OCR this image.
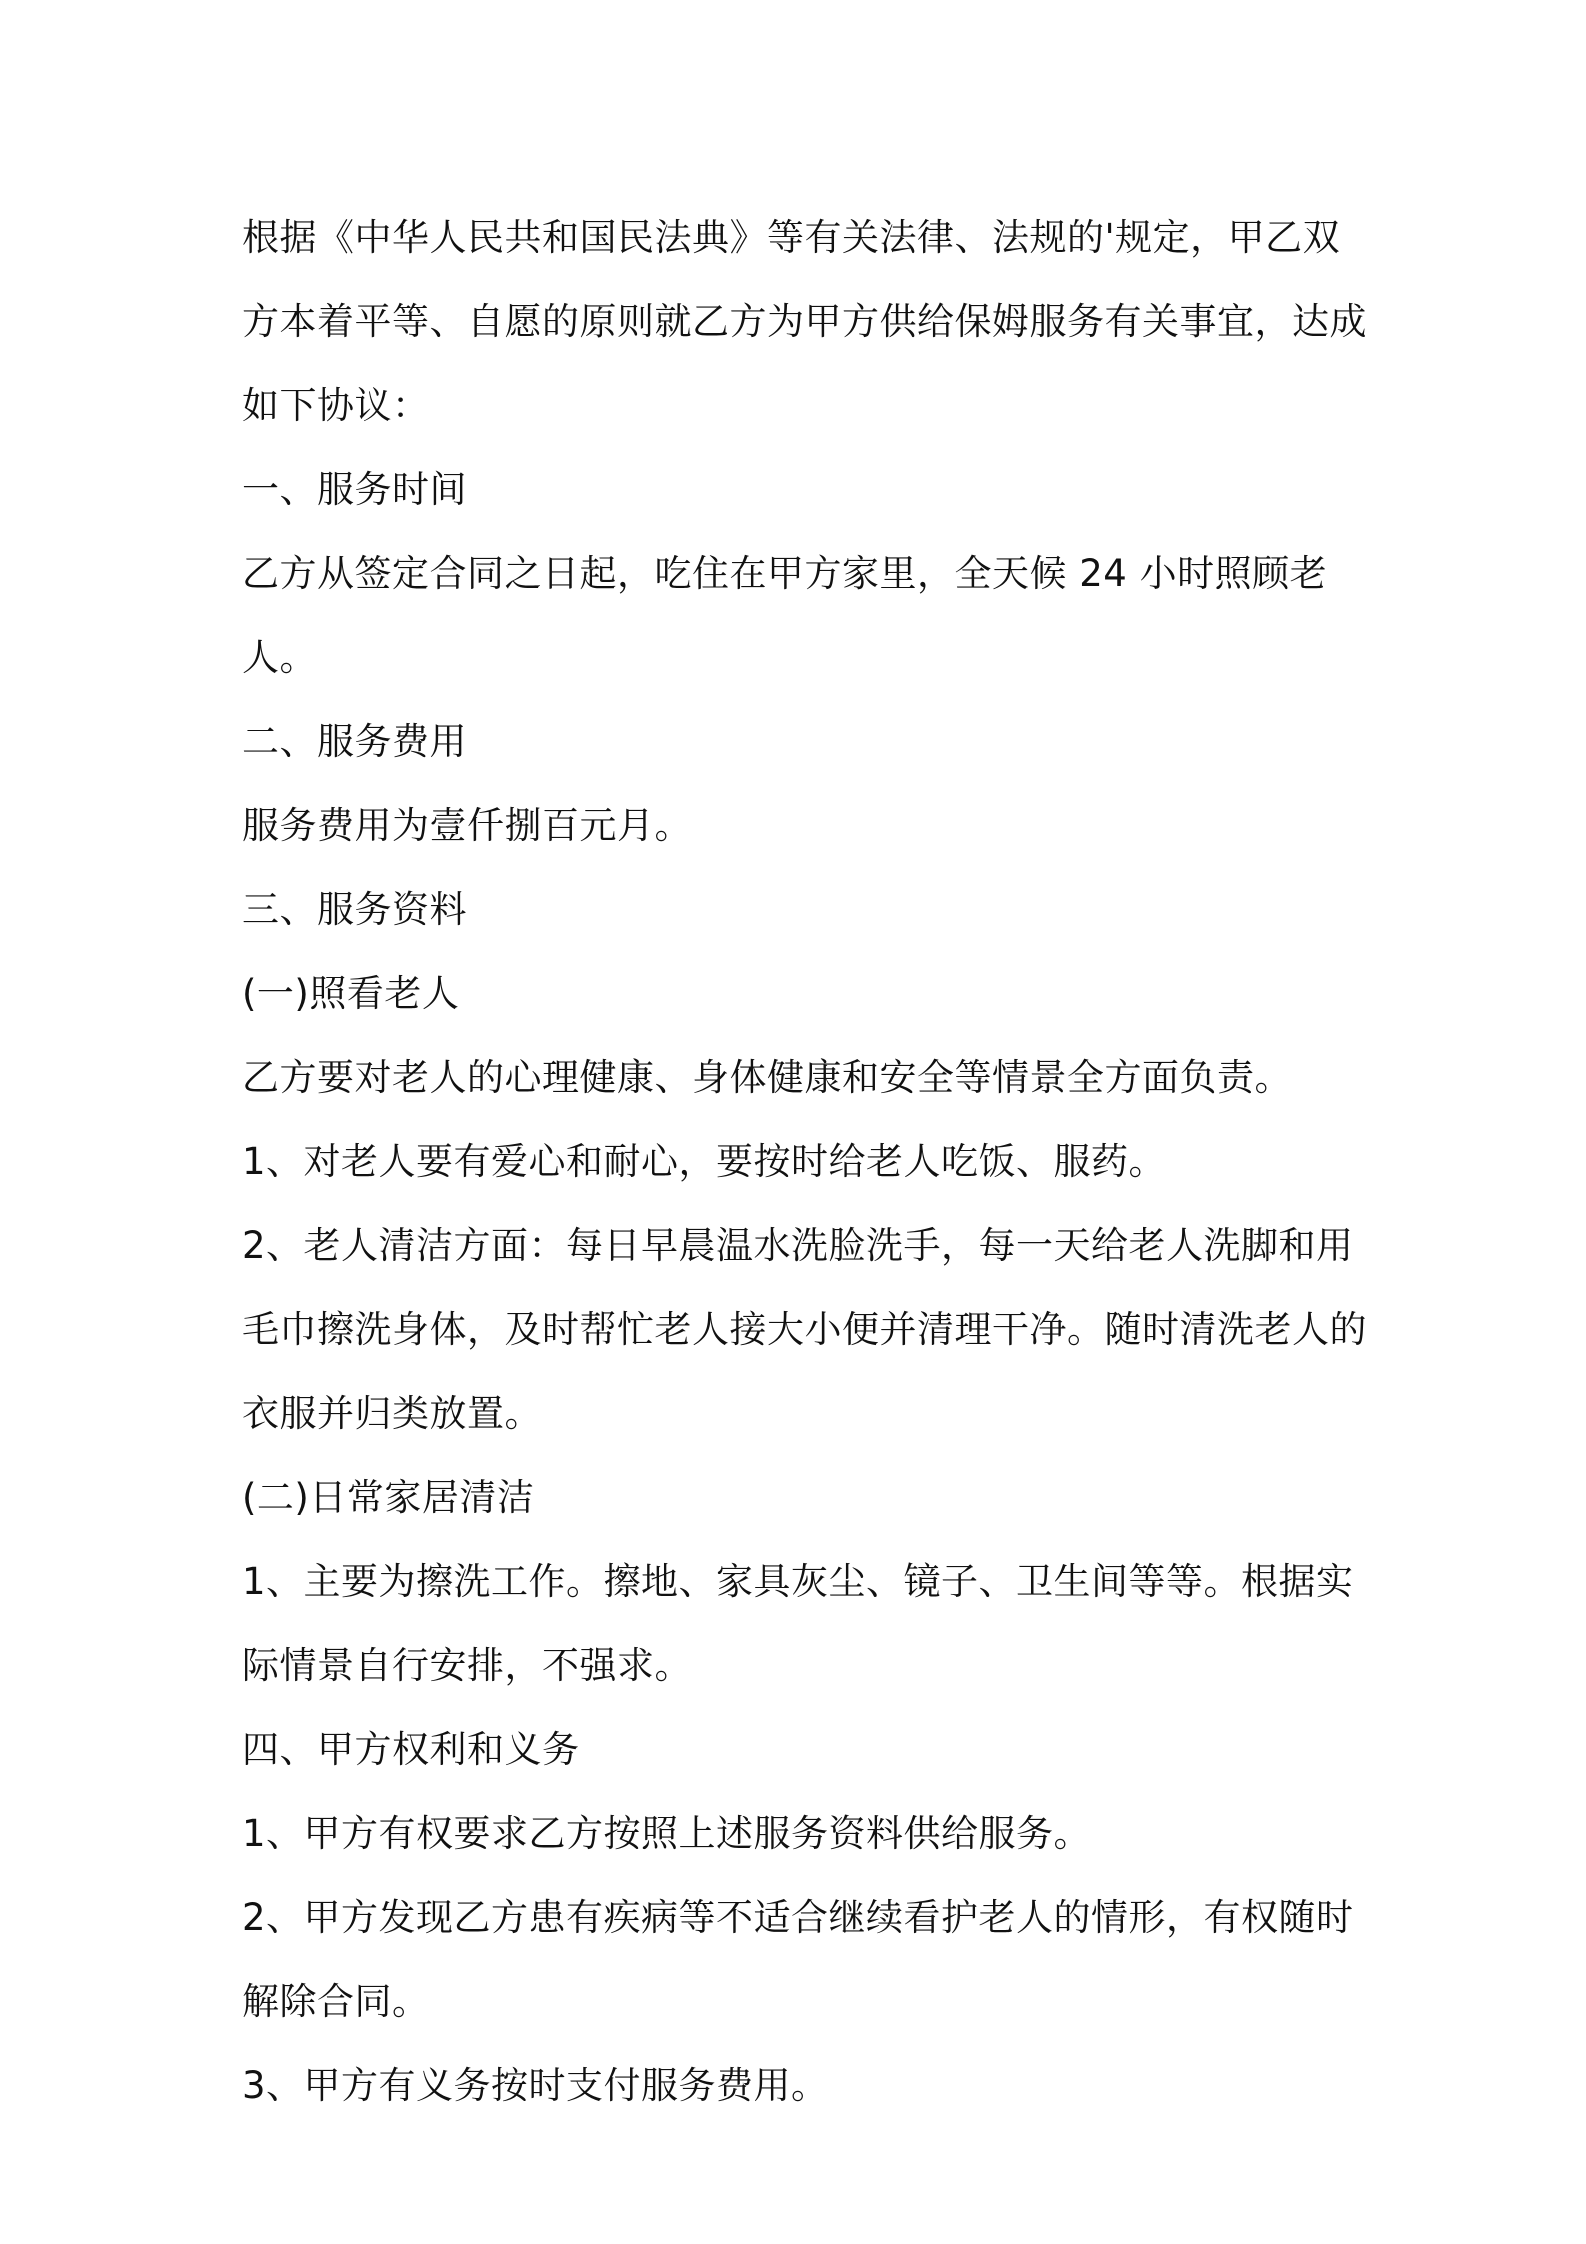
根据《中华人民共和国民法典》等有关法律、法规的'规定，甲乙双方本着平等、自愿的原则就乙方为甲方供给保姆服务有关事宜，达成如下协议：

一、服务时间

乙方从签定合同之日起，吃住在甲方家里，全天候 24 小时照顾老人。

二、服务费用

服务费用为壹仟捌百元月。

三、服务资料

(一)照看老人

乙方要对老人的心理健康、身体健康和安全等情景全方面负责。

1、对老人要有爱心和耐心，要按时给老人吃饭、服药。

2、老人清洁方面：每日早晨温水洗脸洗手，每一天给老人洗脚和用毛巾擦洗身体，及时帮忙老人接大小便并清理干净。随时清洗老人的衣服并归类放置。

(二)日常家居清洁

1、主要为擦洗工作。擦地、家具灰尘、镜子、卫生间等等。根据实际情景自行安排，不强求。

四、甲方权利和义务

1、甲方有权要求乙方按照上述服务资料供给服务。

2、甲方发现乙方患有疾病等不适合继续看护老人的情形，有权随时解除合同。

3、甲方有义务按时支付服务费用。
